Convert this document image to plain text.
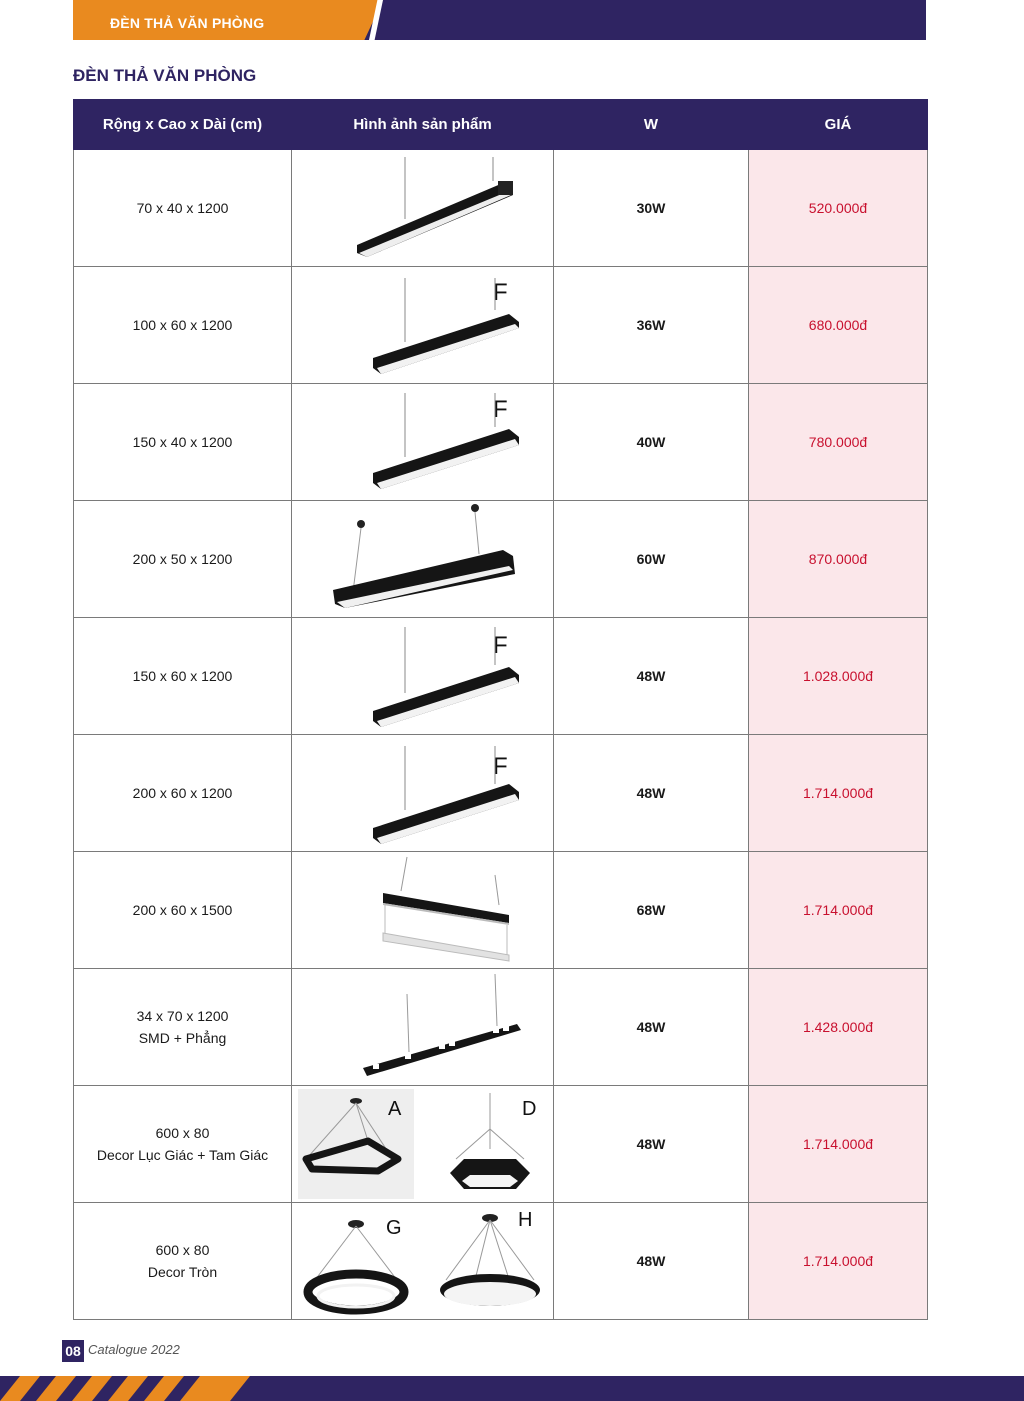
ĐÈN THẢ VĂN PHÒNG
ĐÈN THẢ VĂN PHÒNG
Rộng x Cao x Dài (cm)	Hình ảnh sản phẩm	W	GIÁ

70 x 40 x 1200		30W	520.000đ

100 x 60 x 1200	F	36W	680.000đ

150 x 40 x 1200	F	40W	780.000đ

200 x 50 x 1200		60W	870.000đ

150 x 60 x 1200	F	48W	1.028.000đ

200 x 60 x 1200	F	48W	1.714.000đ

200 x 60 x 1500		68W	1.714.000đ

34 x 70 x 1200
SMD + Phẳng		48W	1.428.000đ

600 x 80
Decor Lục Giác + Tam Giác	A D	48W	1.714.000đ

600 x 80
Decor Tròn	G H	48W	1.714.000đ
08 Catalogue 2022
